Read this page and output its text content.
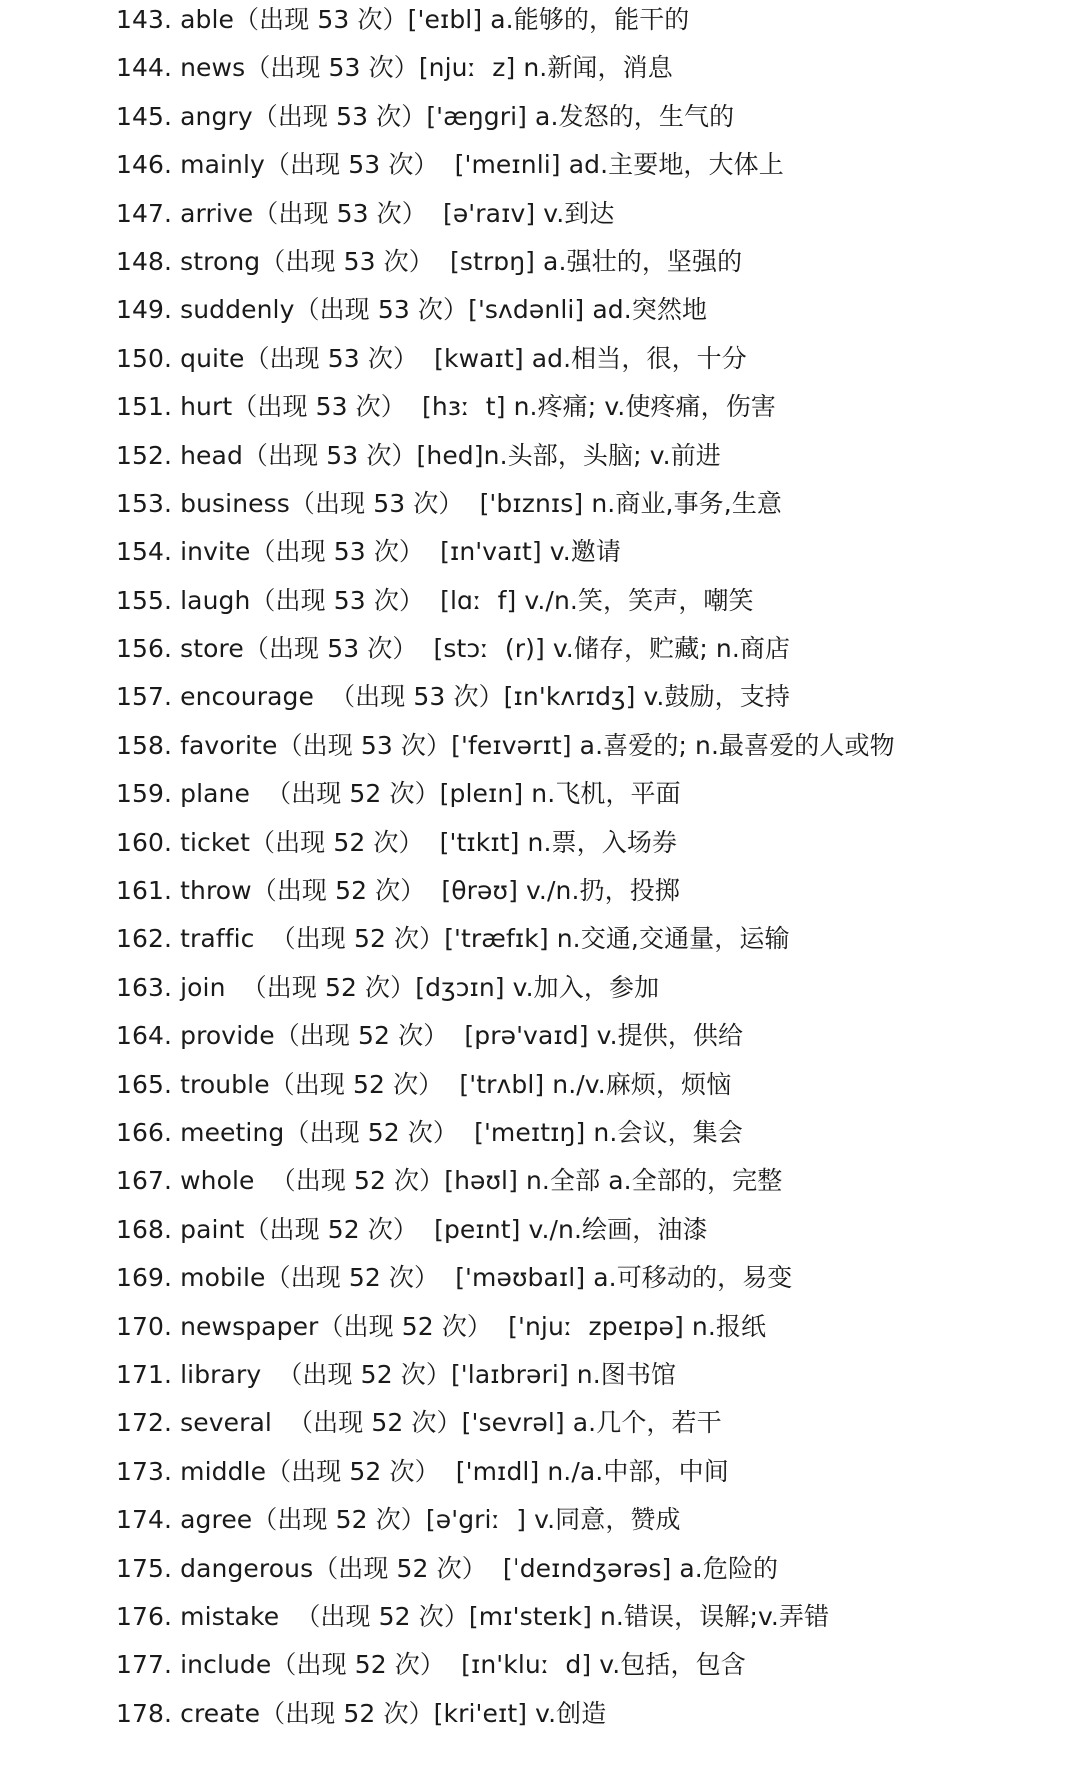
143. able（出现 53 次）['eɪbl] a.能够的，能干的
144. news（出现 53 次）[njuː  z] n.新闻，消息
145. angry（出现 53 次）['æŋgri] a.发怒的，生气的
146. mainly（出现 53 次）  ['meɪnli] ad.主要地，大体上
147. arrive（出现 53 次）  [ə'raɪv] v.到达
148. strong（出现 53 次）  [strɒŋ] a.强壮的，坚强的
149. suddenly（出现 53 次）['sʌdənli] ad.突然地
150. quite（出现 53 次）  [kwaɪt] ad.相当，很，十分
151. hurt（出现 53 次）  [hɜː  t] n.疼痛; v.使疼痛，伤害
152. head（出现 53 次）[hed]n.头部，头脑; v.前进
153. business（出现 53 次）  ['bɪznɪs] n.商业,事务,生意
154. invite（出现 53 次）  [ɪn'vaɪt] v.邀请
155. laugh（出现 53 次）  [lɑː  f] v./n.笑，笑声，嘲笑
156. store（出现 53 次）  [stɔː  (r)] v.储存，贮藏; n.商店
157. encourage  （出现 53 次）[ɪn'kʌrɪdʒ] v.鼓励，支持
158. favorite（出现 53 次）['feɪvərɪt] a.喜爱的; n.最喜爱的人或物
159. plane  （出现 52 次）[pleɪn] n.飞机，平面
160. ticket（出现 52 次）  ['tɪkɪt] n.票，入场券
161. throw（出现 52 次）  [θrəʊ] v./n.扔，投掷
162. traffic  （出现 52 次）['træfɪk] n.交通,交通量，运输
163. join  （出现 52 次）[dʒɔɪn] v.加入，参加
164. provide（出现 52 次）  [prə'vaɪd] v.提供，供给
165. trouble（出现 52 次）  ['trʌbl] n./v.麻烦，烦恼
166. meeting（出现 52 次）  ['meɪtɪŋ] n.会议，集会
167. whole  （出现 52 次）[həʊl] n.全部 a.全部的，完整
168. paint（出现 52 次）  [peɪnt] v./n.绘画，油漆
169. mobile（出现 52 次）  ['məʊbaɪl] a.可移动的，易变
170. newspaper（出现 52 次）  ['njuː  zpeɪpə] n.报纸
171. library  （出现 52 次）['laɪbrəri] n.图书馆
172. several  （出现 52 次）['sevrəl] a.几个，若干
173. middle（出现 52 次）  ['mɪdl] n./a.中部，中间
174. agree（出现 52 次）[ə'griː  ] v.同意，赞成
175. dangerous（出现 52 次）  [ˈdeɪndʒərəs] a.危险的
176. mistake  （出现 52 次）[mɪ'steɪk] n.错误，误解;v.弄错
177. include（出现 52 次）  [ɪn'kluː  d] v.包括，包含
178. create（出现 52 次）[kri'eɪt] v.创造
